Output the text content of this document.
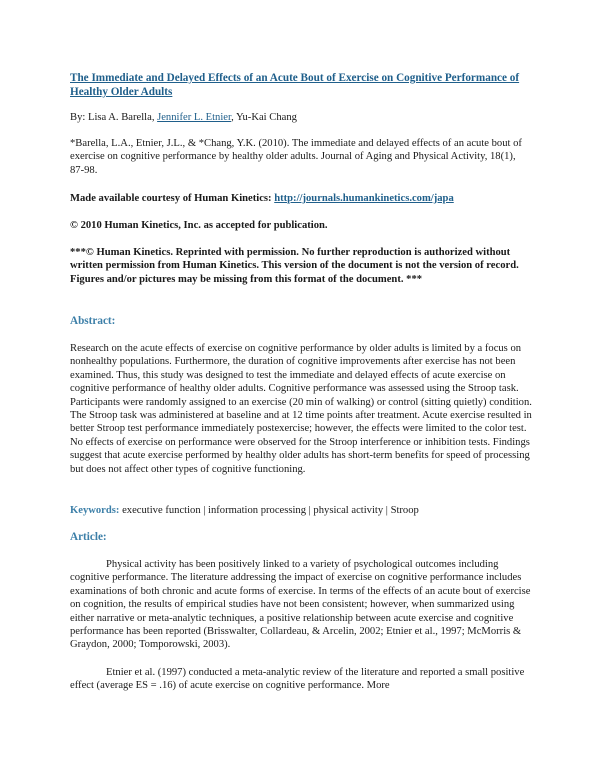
The Immediate and Delayed Effects of an Acute Bout of Exercise on Cognitive Performance of Healthy Older Adults

By: Lisa A. Barella, Jennifer L. Etnier, Yu-Kai Chang

*Barella, L.A., Etnier, J.L., & *Chang, Y.K. (2010). The immediate and delayed effects of an acute bout of exercise on cognitive performance by healthy older adults. Journal of Aging and Physical Activity, 18(1), 87-98.

Made available courtesy of Human Kinetics: http://journals.humankinetics.com/japa

© 2010 Human Kinetics, Inc. as accepted for publication.

***© Human Kinetics. Reprinted with permission. No further reproduction is authorized without written permission from Human Kinetics. This version of the document is not the version of record. Figures and/or pictures may be missing from this format of the document. ***

Abstract:

Research on the acute effects of exercise on cognitive performance by older adults is limited by a focus on nonhealthy populations. Furthermore, the duration of cognitive improvements after exercise has not been examined. Thus, this study was designed to test the immediate and delayed effects of acute exercise on cognitive performance of healthy older adults. Cognitive performance was assessed using the Stroop task. Participants were randomly assigned to an exercise (20 min of walking) or control (sitting quietly) condition. The Stroop task was administered at baseline and at 12 time points after treatment. Acute exercise resulted in better Stroop test performance immediately postexercise; however, the effects were limited to the color test. No effects of exercise on performance were observed for the Stroop interference or inhibition tests. Findings suggest that acute exercise performed by healthy older adults has short-term benefits for speed of processing but does not affect other types of cognitive functioning.

Keywords: executive function | information processing | physical activity | Stroop

Article:

Physical activity has been positively linked to a variety of psychological outcomes including cognitive performance. The literature addressing the impact of exercise on cognitive performance includes examinations of both chronic and acute forms of exercise. In terms of the effects of an acute bout of exercise on cognition, the results of empirical studies have not been consistent; however, when summarized using either narrative or meta-analytic techniques, a positive relationship between acute exercise and cognitive performance has been reported (Brisswalter, Collardeau, & Arcelin, 2002; Etnier et al., 1997; McMorris & Graydon, 2000; Tomporowski, 2003).

Etnier et al. (1997) conducted a meta-analytic review of the literature and reported a small positive effect (average ES = .16) of acute exercise on cognitive performance. More
